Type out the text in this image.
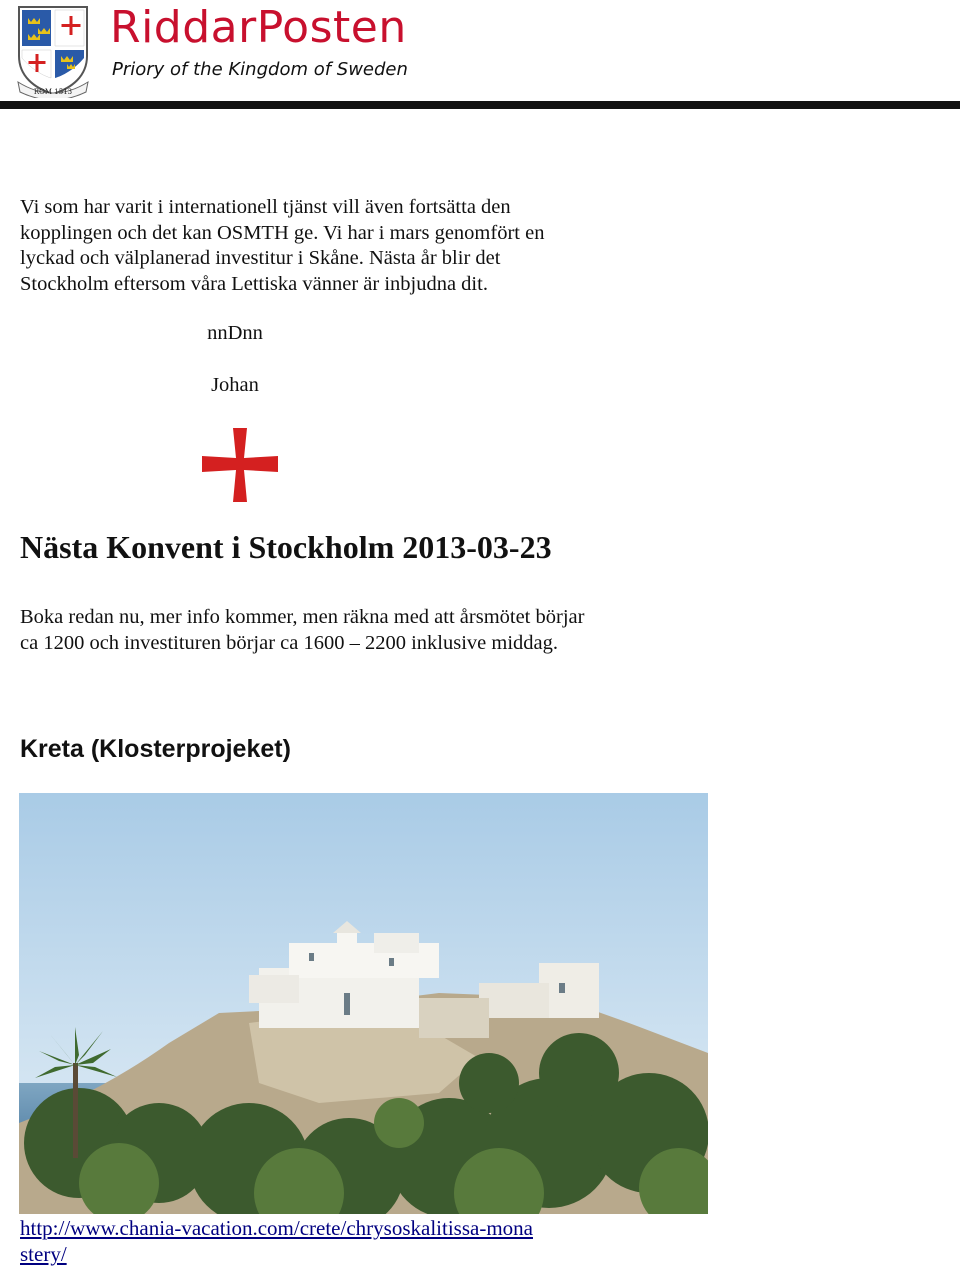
ROM 1513
RiddarPosten
Priory of the Kingdom of Sweden

Vi som har varit i internationell tjänst vill även fortsätta den kopplingen och det kan OSMTH ge. Vi har i mars genomfört en lyckad och välplanerad investitur i Skåne. Nästa år blir det Stockholm eftersom våra Lettiska vänner är inbjudna dit.

nnDnn
Johan
Nästa Konvent i Stockholm 2013-03-23

Boka redan nu, mer info kommer, men räkna med att årsmötet börjar ca 1200 och investituren börjar ca 1600 – 2200 inklusive middag.

Kreta (Klosterprojeket)
http://www.chania-vacation.com/crete/chrysoskalitissa-monastery/
